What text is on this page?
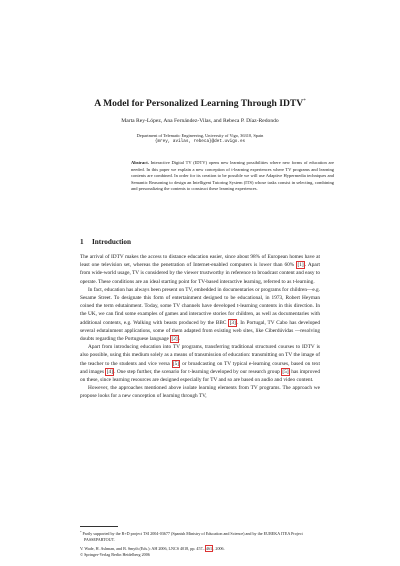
A Model for Personalized Learning Through IDTV*
Marta Rey-López, Ana Fernández-Vilas, and Rebeca P. Díaz-Redondo
Department of Telematic Engineering, University of Vigo, 36310, Spain
{mrey, avilas, rebeca}@det.uvigo.es
Abstract. Interactive Digital TV (IDTV) opens new learning possibilities where new forms of education are needed. In this paper we explain a new conception of t-learning experiences where TV programs and learning contents are combined. In order for its creation to be possible we will use Adaptive Hypermedia techniques and Semantic Reasoning to design an Intelligent Tutoring System (ITS) whose tasks consist in selecting, combining and personalizing the contents to construct these learning experiences.
1 Introduction

The arrival of IDTV makes the access to distance education easier, since about 98% of European homes have at least one television set, whereas the penetration of Internet-enabled computers is lower than 60% [1]. Apart from wide-world usage, TV is considered by the viewer trustworthy in reference to broadcast content and easy to operate. These conditions are an ideal starting point for TV-based interactive learning, referred to as t-learning.

In fact, education has always been present on TV, embedded in documentaries or programs for children—e.g. Sesame Street. To designate this form of entertainment designed to be educational, in 1973, Robert Heyman coined the term edutainment. Today, some TV channels have developed t-learning contents in this direction. In the UK, we can find some examples of games and interactive stories for children, as well as documentaries with additional contents, e.g. Walking with beasts produced by the BBC [3]. In Portugal, TV Cabo has developed several edutainment applications, some of them adapted from existing web sites, like Ciberdúvidas —resolving doubts regarding the Portuguese language [2].

Apart from introducing education into TV programs, transferring traditional structured courses to IDTV is also possible, using this medium solely as a means of transmission of education: transmitting on TV the image of the teacher to the students and vice versa [5] or broadcasting on TV typical e-learning courses, based on text and images [4]. One step further, the scenario for t-learning developed by our research group [5] has improved on these, since learning resources are designed especially for TV and so are based on audio and video content.

However, the approaches mentioned above isolate learning elements from TV programs. The approach we propose looks for a new conception of learning through TV,

* Partly supported by the R+D project TSI 2004-03677 (Spanish Ministry of Education and Science) and by the EUREKA ITEA Project PASSEPARTOUT.
V. Wade, H. Ashman, and B. Smyth (Eds.): AH 2006, LNCS 4018, pp. 457–461, 2006.
© Springer-Verlag Berlin Heidelberg 2006
